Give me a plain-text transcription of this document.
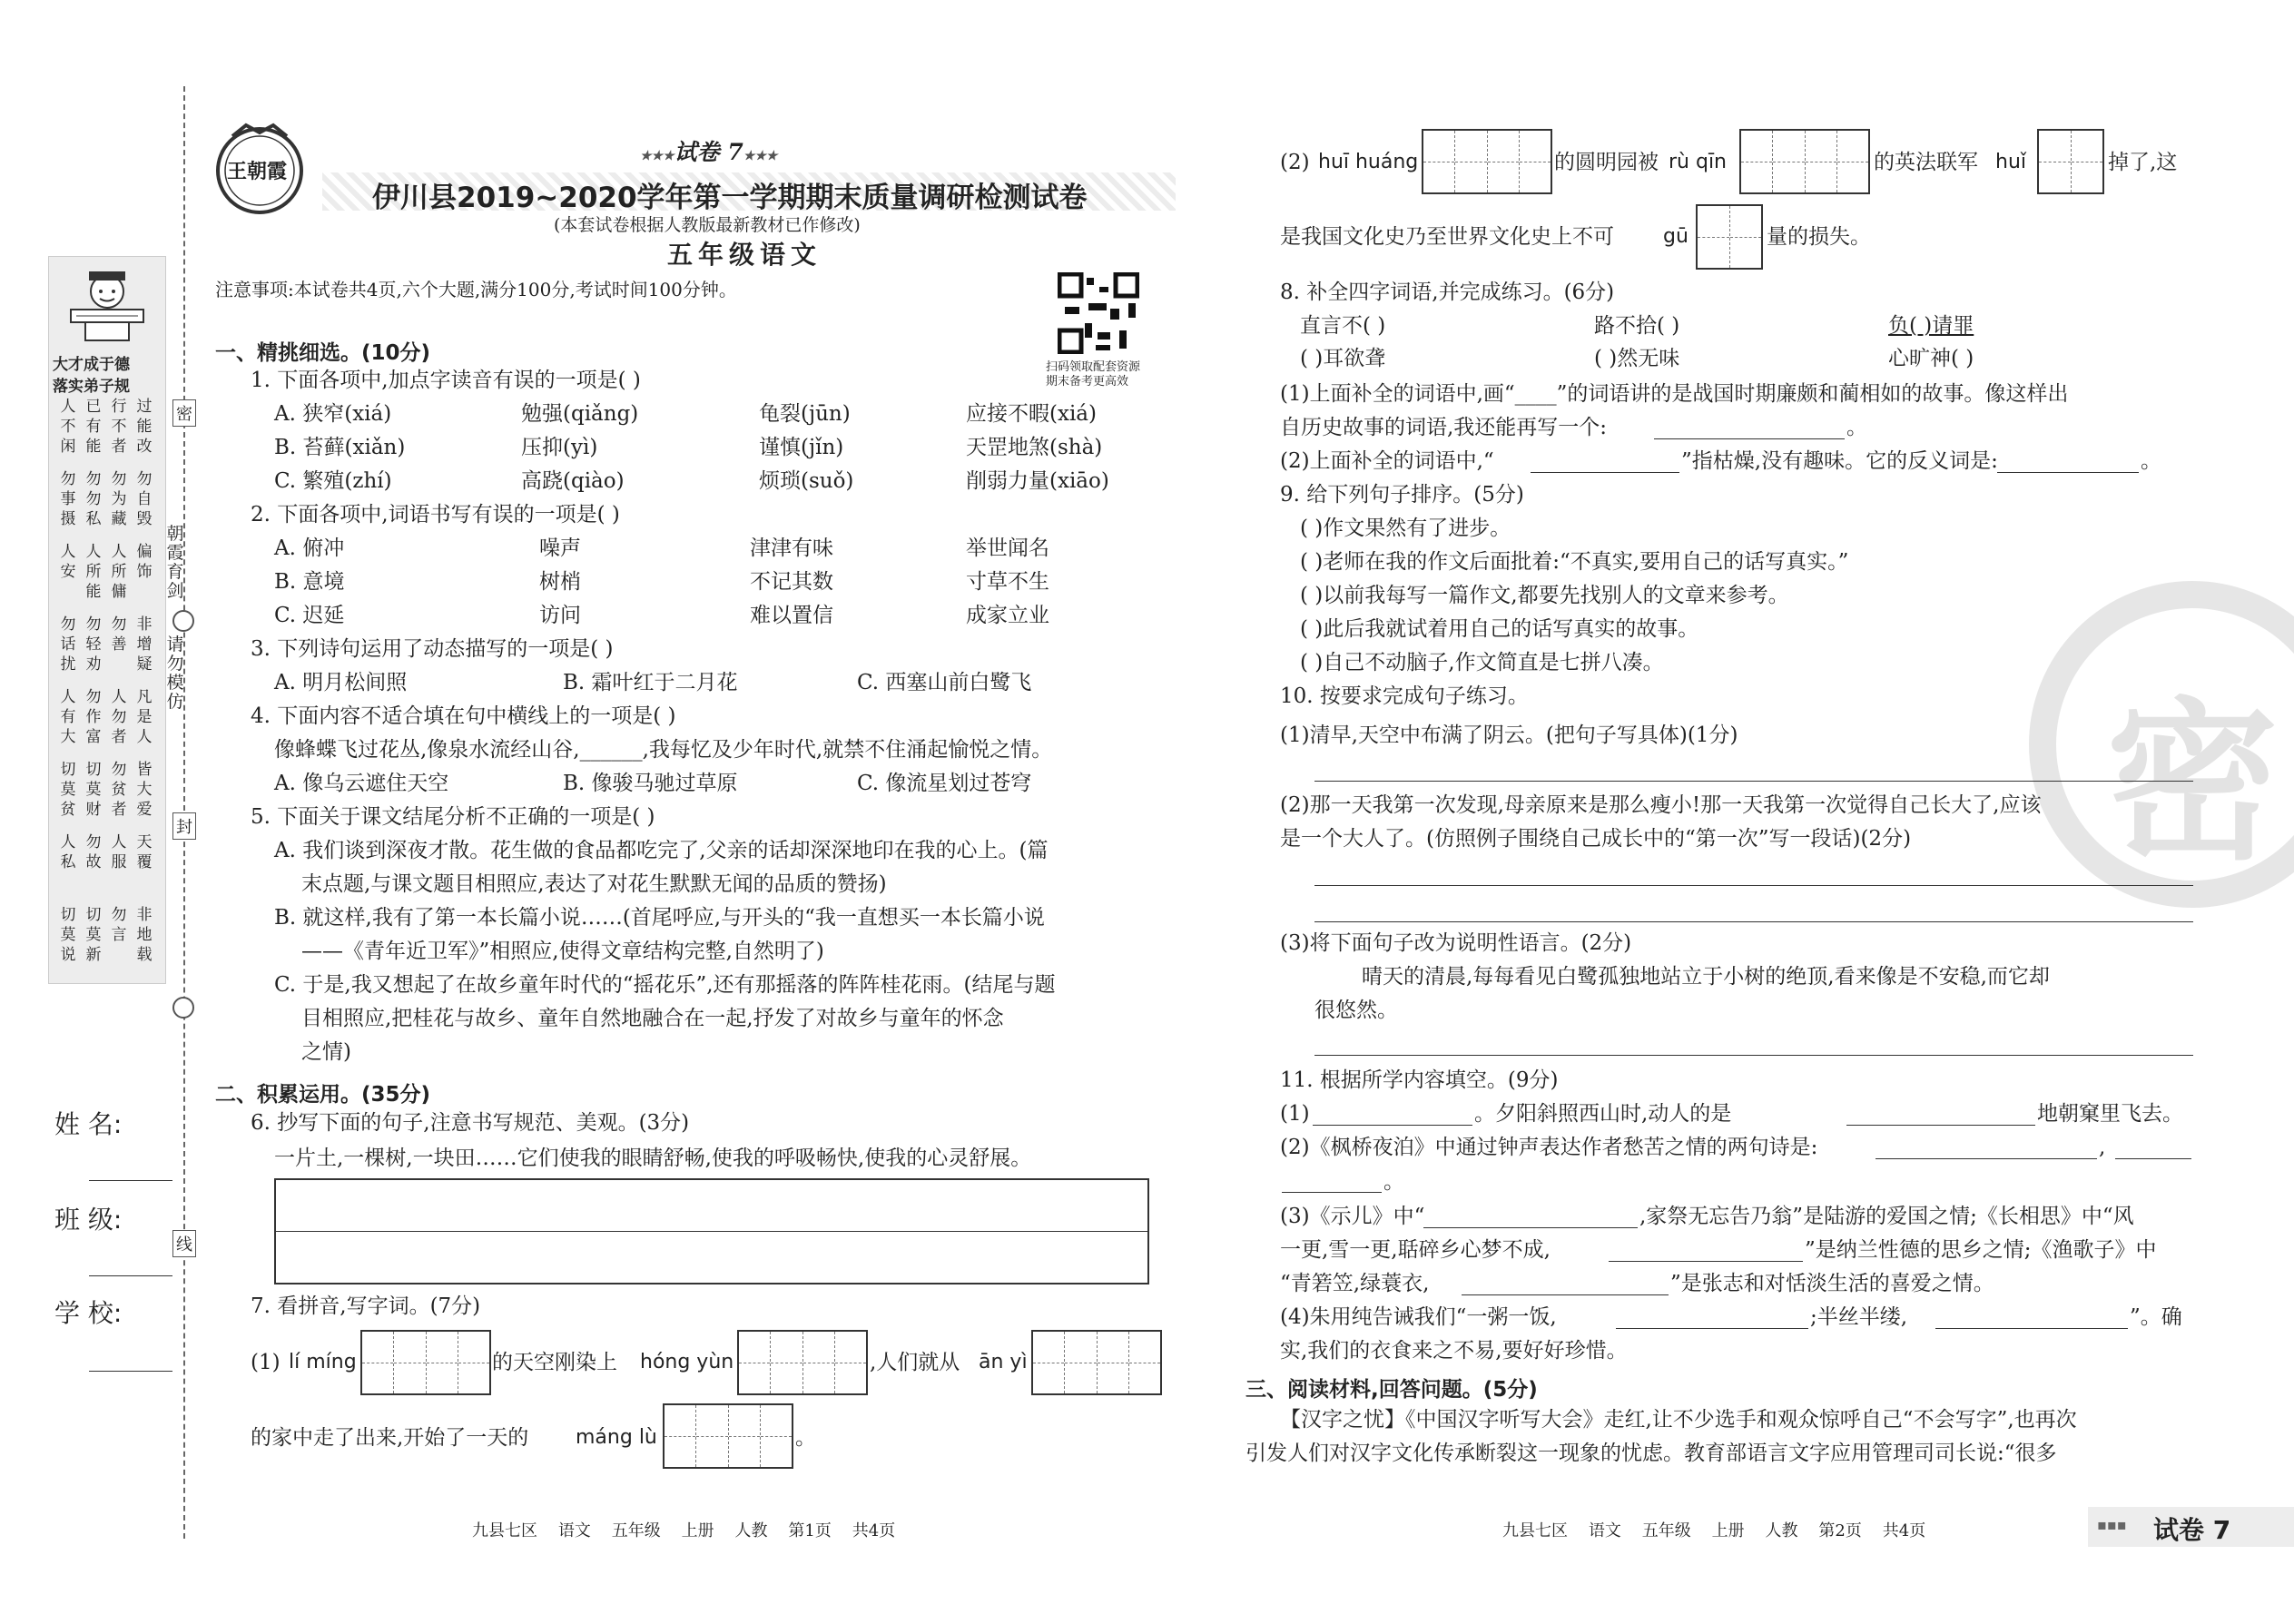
大才成于德
落实弟子规
人不闲
已有能
行不者
过能改
勿事摄
勿勿私
勿为藏
勿自毁
人安
人所能
人所傭
偏饰
勿话扰
勿轻劝
勿善
非增疑
人有大
勿作富
人勿者
凡是人
切莫贫
切莫财
勿贫者
皆大爱
人私
勿故
人服
天覆
切莫说
切莫新
勿言
非地载
朝霞育剑
请勿模仿
密
封
线
姓 名:
班 级:
学 校:
王朝霞
★★★试卷 7★★★
伊川县2019~2020学年第一学期期末质量调研检测试卷
(本套试卷根据人教版最新教材已作修改)
五年级语文
注意事项:本试卷共4页,六个大题,满分100分,考试时间100分钟。
扫码领取配套资源
期末备考更高效
一、精挑细选。(10分)
1. 下面各项中,加点字读音有误的一项是( )
A. 狭窄(xiá)	勉强(qiǎng)	龟裂(jūn)	应接不暇(xiá)
B. 苔藓(xiǎn)	压抑(yì)	谨慎(jǐn)	天罡地煞(shà)
C. 繁殖(zhí)	高跷(qiào)	烦琐(suǒ)	削弱力量(xiāo)
2. 下面各项中,词语书写有误的一项是( )
A. 俯冲	噪声	津津有味	举世闻名
B. 意境	树梢	不记其数	寸草不生
C. 迟延	访问	难以置信	成家立业
3. 下列诗句运用了动态描写的一项是( )
A. 明月松间照	B. 霜叶红于二月花	C. 西塞山前白鹭飞
4. 下面内容不适合填在句中横线上的一项是( )
像蜂蝶飞过花丛,像泉水流经山谷,______,我每忆及少年时代,就禁不住涌起愉悦之情。
A. 像乌云遮住天空	B. 像骏马驰过草原	C. 像流星划过苍穹
5. 下面关于课文结尾分析不正确的一项是( )
A. 我们谈到深夜才散。花生做的食品都吃完了,父亲的话却深深地印在我的心上。(篇
末点题,与课文题目相照应,表达了对花生默默无闻的品质的赞扬)
B. 就这样,我有了第一本长篇小说……(首尾呼应,与开头的“我一直想买一本长篇小说
——《青年近卫军》”相照应,使得文章结构完整,自然明了)
C. 于是,我又想起了在故乡童年时代的“摇花乐”,还有那摇落的阵阵桂花雨。(结尾与题
目相照应,把桂花与故乡、童年自然地融合在一起,抒发了对故乡与童年的怀念
之情)
二、积累运用。(35分)
6. 抄写下面的句子,注意书写规范、美观。(3分)
一片土,一棵树,一块田……它们使我的眼睛舒畅,使我的呼吸畅快,使我的心灵舒展。
7. 看拼音,写字词。(7分)
(1) lí míng	的天空刚染上 hóng yùn	,人们就从 ān yì
的家中走了出来,开始了一天的 máng lù	。
九县七区    语文    五年级    上册    人教    第1页    共4页
密
(2) huī huáng	的圆明园被 rù qīn	的英法联军 huǐ	掉了,这
是我国文化史乃至世界文化史上不可 gū	量的损失。
8. 补全四字词语,并完成练习。(6分)
直言不( )	路不拾( )	负( )请罪
( )耳欲聋	( )然无味	心旷神( )
(1)上面补全的词语中,画“____”的词语讲的是战国时期廉颇和蔺相如的故事。像这样出
自历史故事的词语,我还能再写一个:	。
(2)上面补全的词语中,“	”指枯燥,没有趣味。它的反义词是:	。
9. 给下列句子排序。(5分)
( )作文果然有了进步。
( )老师在我的作文后面批着:“不真实,要用自己的话写真实。”
( )以前我每写一篇作文,都要先找别人的文章来参考。
( )此后我就试着用自己的话写真实的故事。
( )自己不动脑子,作文简直是七拼八凑。
10. 按要求完成句子练习。
(1)清早,天空中布满了阴云。(把句子写具体)(1分)
(2)那一天我第一次发现,母亲原来是那么瘦小!那一天我第一次觉得自己长大了,应该
是一个大人了。(仿照例子围绕自己成长中的“第一次”写一段话)(2分)
(3)将下面句子改为说明性语言。(2分)
晴天的清晨,每每看见白鹭孤独地站立于小树的绝顶,看来像是不安稳,而它却
很悠然。
11. 根据所学内容填空。(9分)
(1)	。夕阳斜照西山时,动人的是	地朝窠里飞去。
(2)《枫桥夜泊》中通过钟声表达作者愁苦之情的两句诗是:	,
。
(3)《示儿》中“	,家祭无忘告乃翁”是陆游的爱国之情;《长相思》中“风
一更,雪一更,聒碎乡心梦不成,	”是纳兰性德的思乡之情;《渔歌子》中
“青箬笠,绿蓑衣,	”是张志和对恬淡生活的喜爱之情。
(4)朱用纯告诫我们“一粥一饭,	;半丝半缕,	”。确
实,我们的衣食来之不易,要好好珍惜。
三、阅读材料,回答问题。(5分)
【汉字之忧】《中国汉字听写大会》走红,让不少选手和观众惊呼自己“不会写字”,也再次
引发人们对汉字文化传承断裂这一现象的忧虑。教育部语言文字应用管理司司长说:“很多
九县七区    语文    五年级    上册    人教    第2页    共4页	▪▪▪ 试卷 7
